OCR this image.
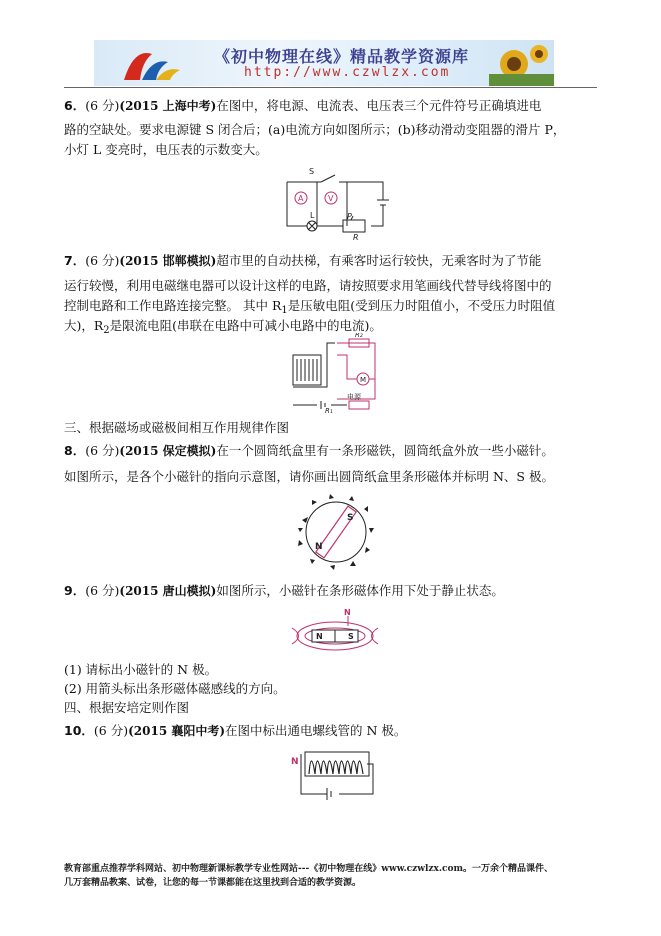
《初中物理在线》精品教学资源库
http://www.czwlzx.com
6．(6 分)(2015 上海中考)在图中，将电源、电流表、电压表三个元件符号正确填进电
路的空缺处。要求电源键 S 闭合后；(a)电流方向如图所示；(b)移动滑动变阻器的滑片 P，
小灯 L 变亮时，电压表的示数变大。
S
A	V
L	P
R
7．(6 分)(2015 邯郸模拟)超市里的自动扶梯，有乘客时运行较快，无乘客时为了节能
运行较慢，利用电磁继电器可以设计这样的电路，请按照要求用笔画线代替导线将图中的
控制电路和工作电路连接完整。 其中 $R_1$是压敏电阻(受到压力时阻值小，不受压力时阻值
大)，$R_2$是限流电阻(串联在电路中可减小电路中的电流)。
R₂
M
电源
R₁
三、根据磁场或磁极间相互作用规律作图
8．(6 分)(2015 保定模拟)在一个圆筒纸盒里有一条形磁铁，圆筒纸盒外放一些小磁针。
如图所示，是各个小磁针的指向示意图，请你画出圆筒纸盒里条形磁体并标明 N、S 极。
N
S
9．(6 分)(2015 唐山模拟)如图所示，小磁针在条形磁体作用下处于静止状态。
N
N	S
(1) 请标出小磁针的 N 极。
(2) 用箭头标出条形磁体磁感线的方向。
四、根据安培定则作图
10．(6 分)(2015 襄阳中考)在图中标出通电螺线管的 N 极。
N
教育部重点推荐学科网站、初中物理新课标教学专业性网站---《初中物理在线》www.czwlzx.com。一万余个精品课件、
几万套精品教案、试卷，让您的每一节课都能在这里找到合适的教学资源。
